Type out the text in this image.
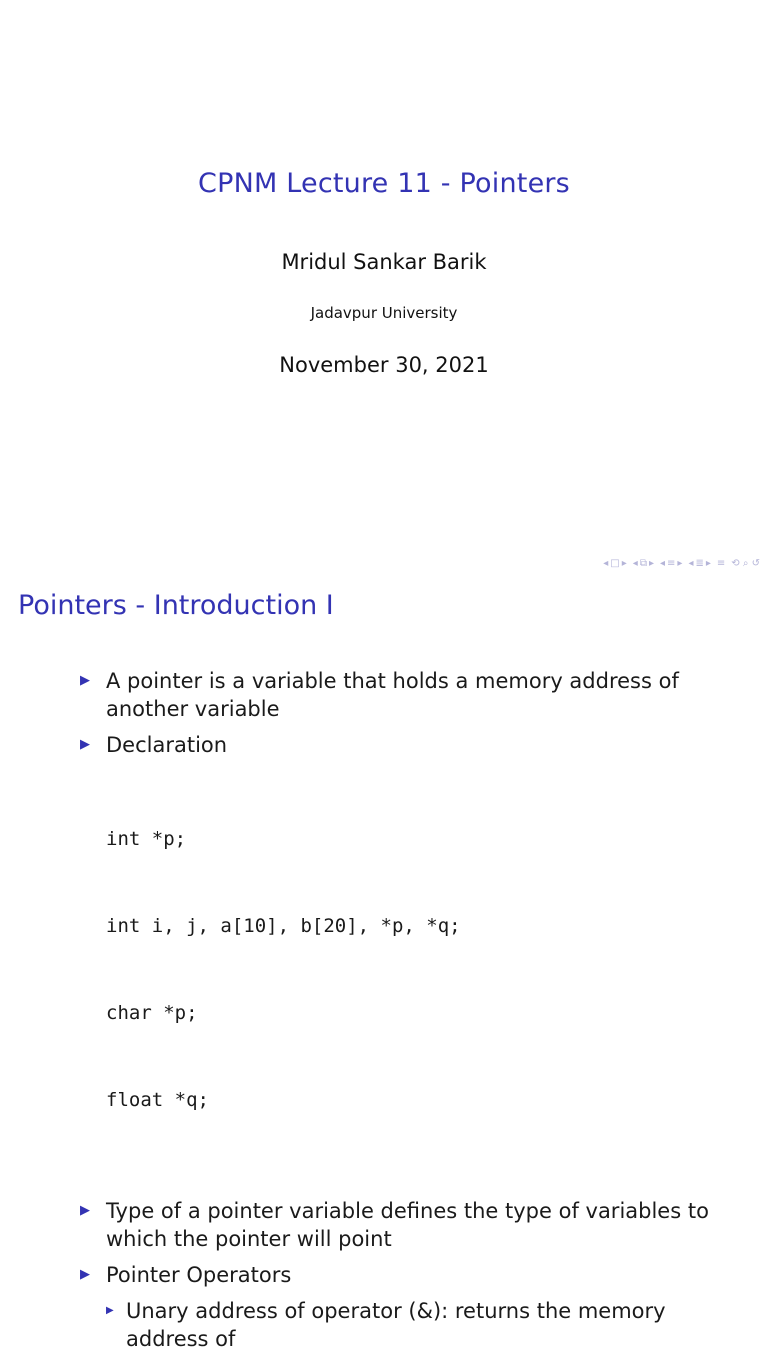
CPNM Lecture 11 - Pointers
Mridul Sankar Barik
Jadavpur University
November 30, 2021
◂ □ ▸ ◂ ⧉ ▸ ◂ ≡ ▸ ◂ ≣ ▸ ≡ ⟲ ⌕ ↺
Pointers - Introduction I
▶ A pointer is a variable that holds a memory address of another variable
▶ Declaration

int *p;

int i, j, a[10], b[20], *p, *q;

char *p;

float *q;

▶ Type of a pointer variable defines the type of variables to which the pointer will point
▶ Pointer Operators
▶ Unary address of operator (&): returns the memory address of
